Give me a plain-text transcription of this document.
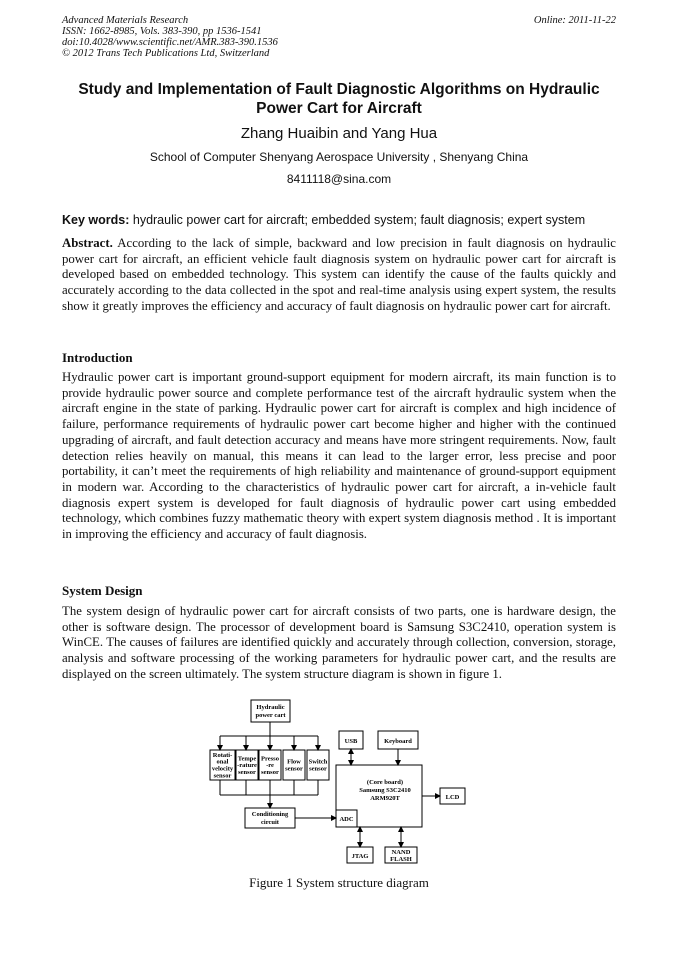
Advanced Materials Research
ISSN: 1662-8985, Vols. 383-390, pp 1536-1541
doi:10.4028/www.scientific.net/AMR.383-390.1536
© 2012 Trans Tech Publications Ltd, Switzerland
Online: 2011-11-22
Study and Implementation of Fault Diagnostic Algorithms on Hydraulic Power Cart for Aircraft
Zhang Huaibin and Yang Hua
School of Computer Shenyang Aerospace University , Shenyang China
8411118@sina.com
Key words: hydraulic power cart for aircraft; embedded system; fault diagnosis; expert system
Abstract. According to the lack of simple, backward and low precision in fault diagnosis on hydraulic power cart for aircraft, an efficient vehicle fault diagnosis system on hydraulic power cart for aircraft is developed based on embedded technology. This system can identify the cause of the faults quickly and accurately according to the data collected in the spot and real-time analysis using expert system, the results show it greatly improves the efficiency and accuracy of fault diagnosis on hydraulic power cart for aircraft.
Introduction
Hydraulic power cart is important ground-support equipment for modern aircraft, its main function is to provide hydraulic power source and complete performance test of the aircraft hydraulic system when the aircraft engine in the state of parking. Hydraulic power cart for aircraft is complex and high incidence of failure, performance requirements of hydraulic power cart become higher and higher with the continued upgrading of aircraft, and fault detection accuracy and means have more stringent requirements. Now, fault detection relies heavily on manual, this means it can lead to the larger error, less precise and poor portability, it can’t meet the requirements of high reliability and maintenance of ground-support equipment in modern war. According to the characteristics of hydraulic power cart for aircraft, a in-vehicle fault diagnosis expert system is developed for fault diagnosis of hydraulic power cart using embedded technology, which combines fuzzy mathematic theory with expert system diagnosis method . It is important in improving the efficiency and accuracy of fault diagnosis.
System Design
The system design of hydraulic power cart for aircraft consists of two parts, one is hardware design, the other is software design. The processor of development board is Samsung S3C2410, operation system is WinCE. The causes of failures are identified quickly and accurately through collection, conversion, storage, analysis and software processing of the working parameters for hydraulic power cart, and the results are displayed on the screen ultimately. The system structure diagram is shown in figure 1.
Hydraulic
power cart
Rotati-
onal
velocity
sensor
Tempe
-rature
sensor
Presso
-re
sensor
Flow
sensor
Switch
sensor
Conditioning
circuit
USB	Keyboard
(Core board)
Samsung S3C2410
ARM920T	LCD
ADC
JTAG
NAND
FLASH
Figure 1 System structure diagram
